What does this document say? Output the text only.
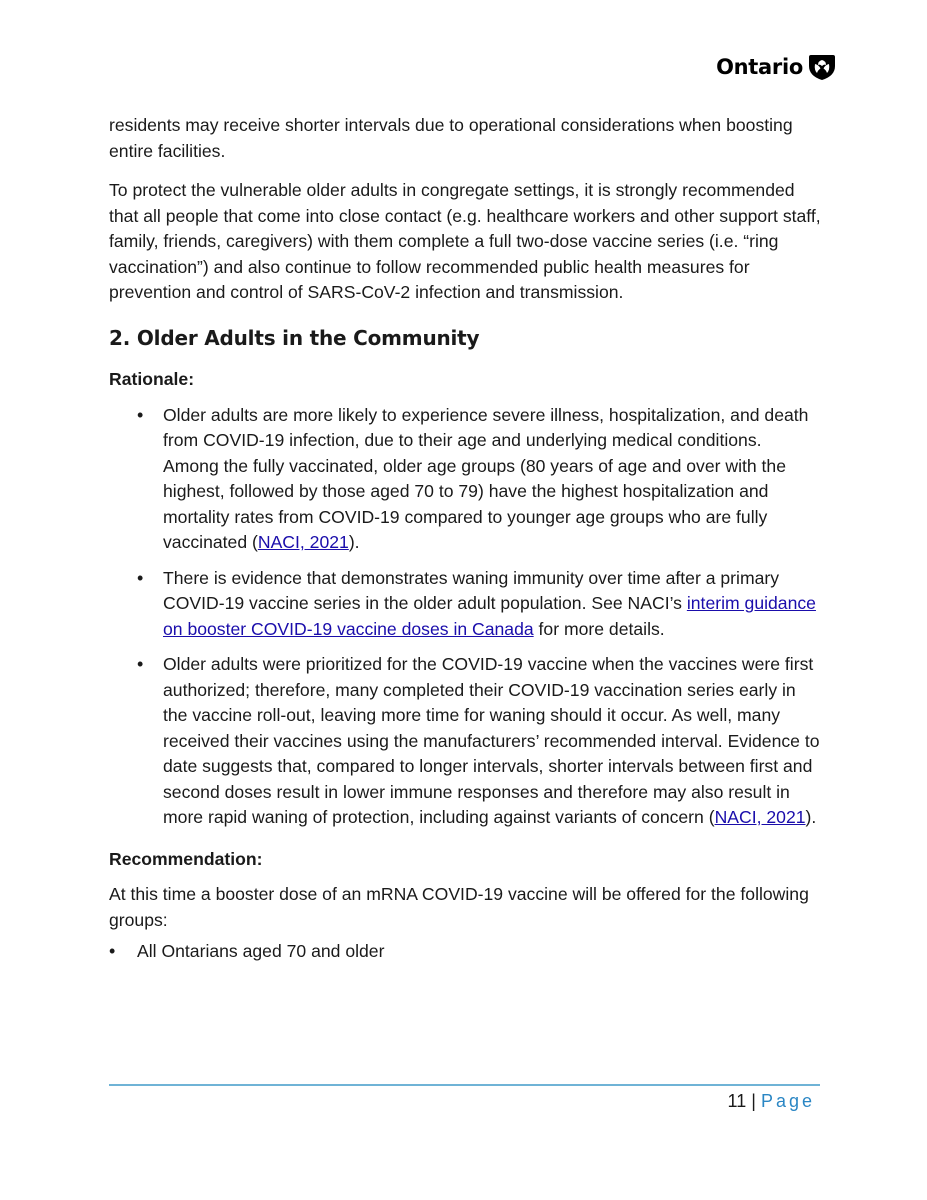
Ontario

residents may receive shorter intervals due to operational considerations when boosting entire facilities.

To protect the vulnerable older adults in congregate settings, it is strongly recommended that all people that come into close contact (e.g. healthcare workers and other support staff, family, friends, caregivers) with them complete a full two-dose vaccine series (i.e. “ring vaccination”) and also continue to follow recommended public health measures for prevention and control of SARS-CoV-2 infection and transmission.

2. Older Adults in the Community
Rationale:
• Older adults are more likely to experience severe illness, hospitalization, and death from COVID-19 infection, due to their age and underlying medical conditions. Among the fully vaccinated, older age groups (80 years of age and over with the highest, followed by those aged 70 to 79) have the highest hospitalization and mortality rates from COVID-19 compared to younger age groups who are fully vaccinated (NACI, 2021).
• There is evidence that demonstrates waning immunity over time after a primary COVID-19 vaccine series in the older adult population. See NACI’s interim guidance on booster COVID-19 vaccine doses in Canada for more details.
• Older adults were prioritized for the COVID-19 vaccine when the vaccines were first authorized; therefore, many completed their COVID-19 vaccination series early in the vaccine roll-out, leaving more time for waning should it occur. As well, many received their vaccines using the manufacturers’ recommended interval. Evidence to date suggests that, compared to longer intervals, shorter intervals between first and second doses result in lower immune responses and therefore may also result in more rapid waning of protection, including against variants of concern (NACI, 2021).
Recommendation:

At this time a booster dose of an mRNA COVID-19 vaccine will be offered for the following groups:

• All Ontarians aged 70 and older
11 | Page
